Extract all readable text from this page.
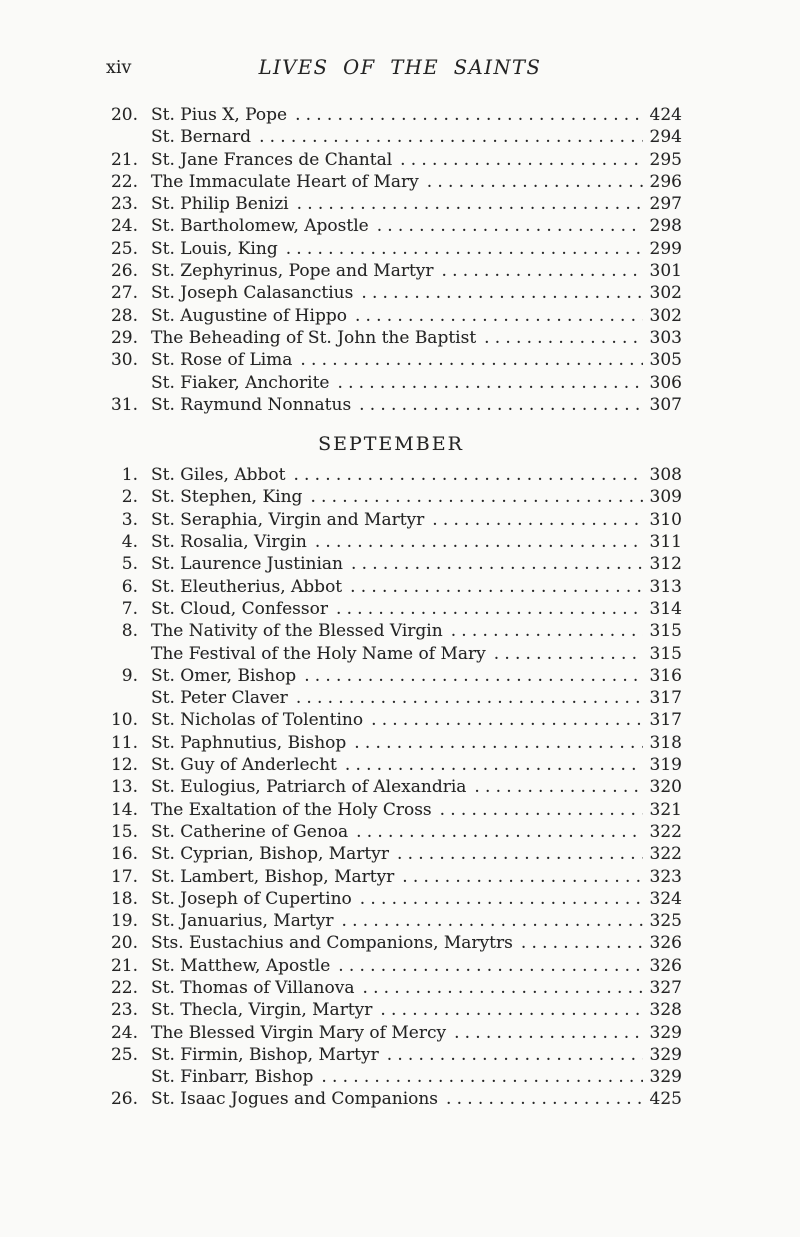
xiv	LIVES OF THE SAINTS
20. St. Pius X, Pope .....	424
St. Bernard .....	294
21. St. Jane Frances de Chantal .....	295
22. The Immaculate Heart of Mary .....	296
23. St. Philip Benizi .....	297
24. St. Bartholomew, Apostle .....	298
25. St. Louis, King .....	299
26. St. Zephyrinus, Pope and Martyr .....	301
27. St. Joseph Calasanctius .....	302
28. St. Augustine of Hippo .....	302
29. The Beheading of St. John the Baptist .....	303
30. St. Rose of Lima .....	305
St. Fiaker, Anchorite .....	306
31. St. Raymund Nonnatus .....	307
SEPTEMBER
1. St. Giles, Abbot .....	308
2. St. Stephen, King .....	309
3. St. Seraphia, Virgin and Martyr .....	310
4. St. Rosalia, Virgin .....	311
5. St. Laurence Justinian .....	312
6. St. Eleutherius, Abbot .....	313
7. St. Cloud, Confessor .....	314
8. The Nativity of the Blessed Virgin .....	315
The Festival of the Holy Name of Mary .....	315
9. St. Omer, Bishop .....	316
St. Peter Claver .....	317
10. St. Nicholas of Tolentino .....	317
11. St. Paphnutius, Bishop .....	318
12. St. Guy of Anderlecht .....	319
13. St. Eulogius, Patriarch of Alexandria .....	320
14. The Exaltation of the Holy Cross .....	321
15. St. Catherine of Genoa .....	322
16. St. Cyprian, Bishop, Martyr .....	322
17. St. Lambert, Bishop, Martyr .....	323
18. St. Joseph of Cupertino .....	324
19. St. Januarius, Martyr .....	325
20. Sts. Eustachius and Companions, Marytrs .....	326
21. St. Matthew, Apostle .....	326
22. St. Thomas of Villanova .....	327
23. St. Thecla, Virgin, Martyr .....	328
24. The Blessed Virgin Mary of Mercy .....	329
25. St. Firmin, Bishop, Martyr .....	329
St. Finbarr, Bishop .....	329
26. St. Isaac Jogues and Companions .....	425
